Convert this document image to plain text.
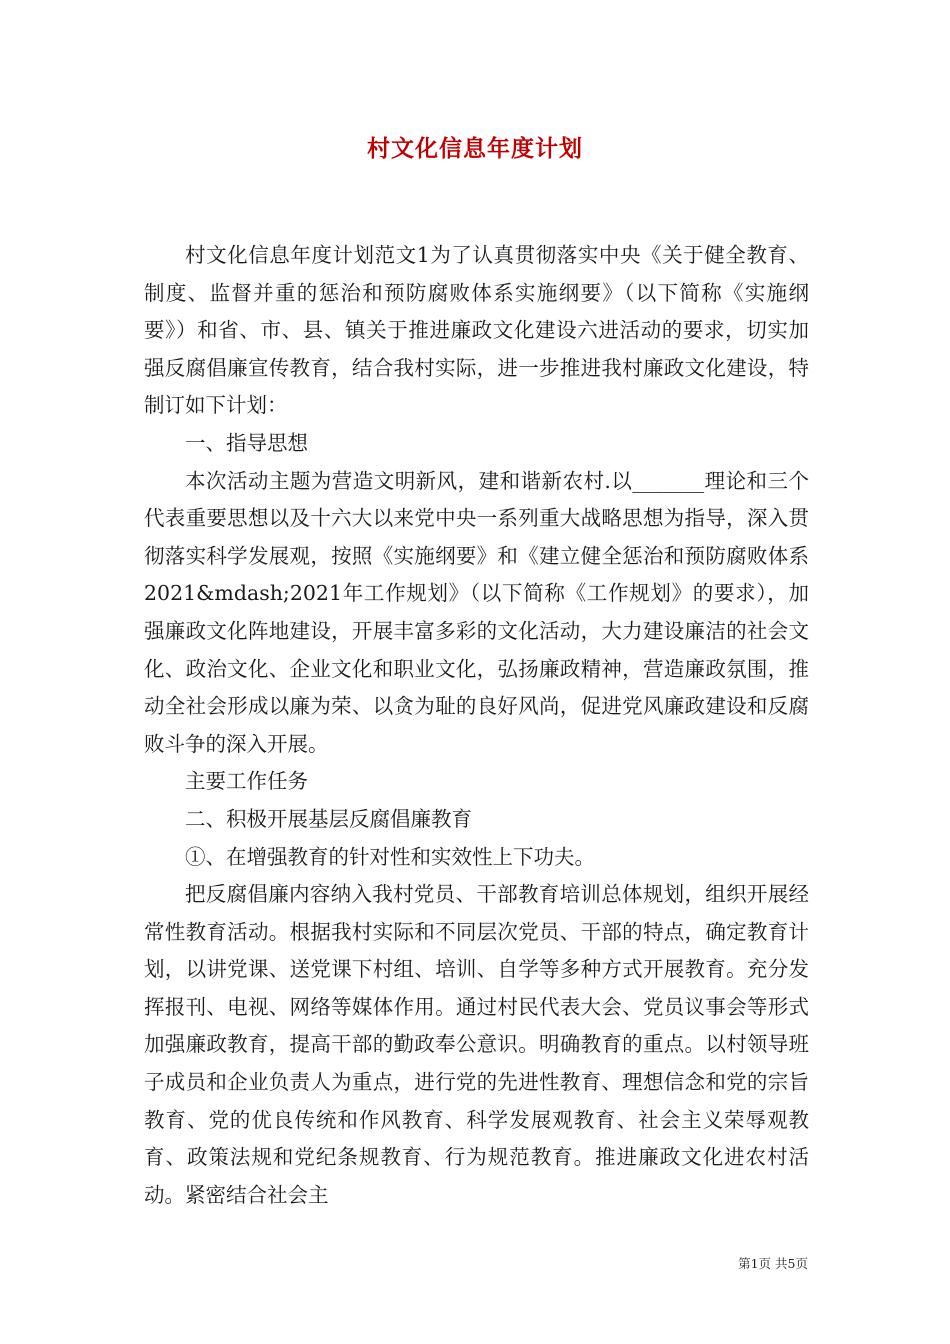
村文化信息年度计划

村文化信息年度计划范文1为了认真贯彻落实中央《关于健全教育、制度、监督并重的惩治和预防腐败体系实施纲要》（以下简称《实施纲要》）和省、市、县、镇关于推进廉政文化建设六进活动的要求，切实加强反腐倡廉宣传教育，结合我村实际，进一步推进我村廉政文化建设，特制订如下计划：

一、指导思想

本次活动主题为营造文明新风，建和谐新农村.以_______理论和三个代表重要思想以及十六大以来党中央一系列重大战略思想为指导，深入贯彻落实科学发展观，按照《实施纲要》和《建立健全惩治和预防腐败体系2021&mdash;2021年工作规划》（以下简称《工作规划》的要求），加强廉政文化阵地建设，开展丰富多彩的文化活动，大力建设廉洁的社会文化、政治文化、企业文化和职业文化，弘扬廉政精神，营造廉政氛围，推动全社会形成以廉为荣、以贪为耻的良好风尚，促进党风廉政建设和反腐败斗争的深入开展。

主要工作任务

二、积极开展基层反腐倡廉教育

①、在增强教育的针对性和实效性上下功夫。

把反腐倡廉内容纳入我村党员、干部教育培训总体规划，组织开展经常性教育活动。根据我村实际和不同层次党员、干部的特点，确定教育计划，以讲党课、送党课下村组、培训、自学等多种方式开展教育。充分发挥报刊、电视、网络等媒体作用。通过村民代表大会、党员议事会等形式加强廉政教育，提高干部的勤政奉公意识。明确教育的重点。以村领导班子成员和企业负责人为重点，进行党的先进性教育、理想信念和党的宗旨教育、党的优良传统和作风教育、科学发展观教育、社会主义荣辱观教育、政策法规和党纪条规教育、行为规范教育。推进廉政文化进农村活动。紧密结合社会主

第1页 共5页
